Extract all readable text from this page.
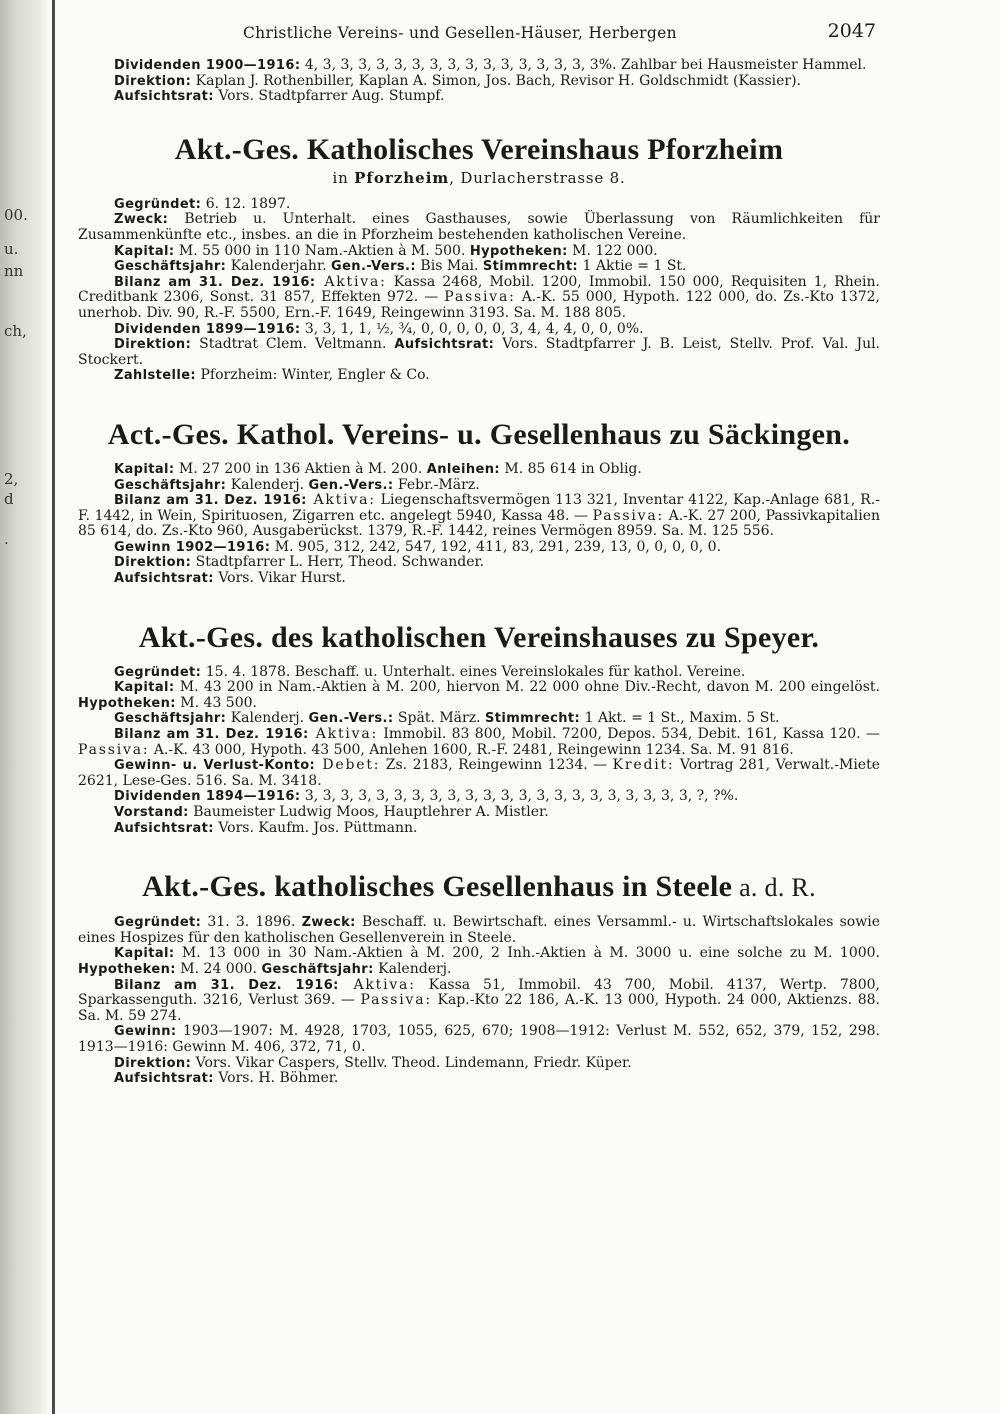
00.
u.
nn
ch,
2,
d
.
Christliche Vereins- und Gesellen-Häuser, Herbergen	2047

Dividenden 1900—1916: 4, 3, 3, 3, 3, 3, 3, 3, 3, 3, 3, 3, 3, 3, 3, 3, 3%. Zahlbar bei Hausmeister Hammel.

Direktion: Kaplan J. Rothenbiller, Kaplan A. Simon, Jos. Bach, Revisor H. Goldschmidt (Kassier).

Aufsichtsrat: Vors. Stadtpfarrer Aug. Stumpf.

Akt.-Ges. Katholisches Vereinshaus Pforzheim

in Pforzheim, Durlacherstrasse 8.

Gegründet: 6. 12. 1897.

Zweck: Betrieb u. Unterhalt. eines Gasthauses, sowie Überlassung von Räumlichkeiten für Zusammenkünfte etc., insbes. an die in Pforzheim bestehenden katholischen Vereine.

Kapital: M. 55 000 in 110 Nam.-Aktien à M. 500. Hypotheken: M. 122 000.

Geschäftsjahr: Kalenderjahr. Gen.-Vers.: Bis Mai. Stimmrecht: 1 Aktie = 1 St.

Bilanz am 31. Dez. 1916: Aktiva: Kassa 2468, Mobil. 1200, Immobil. 150 000, Requisiten 1, Rhein. Creditbank 2306, Sonst. 31 857, Effekten 972. — Passiva: A.-K. 55 000, Hypoth. 122 000, do. Zs.-Kto 1372, unerhob. Div. 90, R.-F. 5500, Ern.-F. 1649, Reingewinn 3193. Sa. M. 188 805.

Dividenden 1899—1916: 3, 3, 1, 1, ½, ¾, 0, 0, 0, 0, 0, 3, 4, 4, 4, 0, 0, 0%.

Direktion: Stadtrat Clem. Veltmann. Aufsichtsrat: Vors. Stadtpfarrer J. B. Leist, Stellv. Prof. Val. Jul. Stockert.

Zahlstelle: Pforzheim: Winter, Engler & Co.

Act.-Ges. Kathol. Vereins- u. Gesellenhaus zu Säckingen.

Kapital: M. 27 200 in 136 Aktien à M. 200. Anleihen: M. 85 614 in Oblig.

Geschäftsjahr: Kalenderj. Gen.-Vers.: Febr.-März.

Bilanz am 31. Dez. 1916: Aktiva: Liegenschaftsvermögen 113 321, Inventar 4122, Kap.-Anlage 681, R.-F. 1442, in Wein, Spirituosen, Zigarren etc. angelegt 5940, Kassa 48. — Passiva: A.-K. 27 200, Passivkapitalien 85 614, do. Zs.-Kto 960, Ausgaberückst. 1379, R.-F. 1442, reines Vermögen 8959. Sa. M. 125 556.

Gewinn 1902—1916: M. 905, 312, 242, 547, 192, 411, 83, 291, 239, 13, 0, 0, 0, 0, 0.

Direktion: Stadtpfarrer L. Herr, Theod. Schwander.

Aufsichtsrat: Vors. Vikar Hurst.

Akt.-Ges. des katholischen Vereinshauses zu Speyer.

Gegründet: 15. 4. 1878. Beschaff. u. Unterhalt. eines Vereinslokales für kathol. Vereine.

Kapital: M. 43 200 in Nam.-Aktien à M. 200, hiervon M. 22 000 ohne Div.-Recht, davon M. 200 eingelöst. Hypotheken: M. 43 500.

Geschäftsjahr: Kalenderj. Gen.-Vers.: Spät. März. Stimmrecht: 1 Akt. = 1 St., Maxim. 5 St.

Bilanz am 31. Dez. 1916: Aktiva: Immobil. 83 800, Mobil. 7200, Depos. 534, Debit. 161, Kassa 120. — Passiva: A.-K. 43 000, Hypoth. 43 500, Anlehen 1600, R.-F. 2481, Reingewinn 1234. Sa. M. 91 816.

Gewinn- u. Verlust-Konto: Debet: Zs. 2183, Reingewinn 1234. — Kredit: Vortrag 281, Verwalt.-Miete 2621, Lese-Ges. 516. Sa. M. 3418.

Dividenden 1894—1916: 3, 3, 3, 3, 3, 3, 3, 3, 3, 3, 3, 3, 3, 3, 3, 3, 3, 3, 3, 3, 3, 3, ?, ?%.

Vorstand: Baumeister Ludwig Moos, Hauptlehrer A. Mistler.

Aufsichtsrat: Vors. Kaufm. Jos. Püttmann.

Akt.-Ges. katholisches Gesellenhaus in Steele a. d. R.

Gegründet: 31. 3. 1896. Zweck: Beschaff. u. Bewirtschaft. eines Versamml.- u. Wirtschaftslokales sowie eines Hospizes für den katholischen Gesellenverein in Steele.

Kapital: M. 13 000 in 30 Nam.-Aktien à M. 200, 2 Inh.-Aktien à M. 3000 u. eine solche zu M. 1000. Hypotheken: M. 24 000. Geschäftsjahr: Kalenderj.

Bilanz am 31. Dez. 1916: Aktiva: Kassa 51, Immobil. 43 700, Mobil. 4137, Wertp. 7800, Sparkassenguth. 3216, Verlust 369. — Passiva: Kap.-Kto 22 186, A.-K. 13 000, Hypoth. 24 000, Aktienzs. 88. Sa. M. 59 274.

Gewinn: 1903—1907: M. 4928, 1703, 1055, 625, 670; 1908—1912: Verlust M. 552, 652, 379, 152, 298. 1913—1916: Gewinn M. 406, 372, 71, 0.

Direktion: Vors. Vikar Caspers, Stellv. Theod. Lindemann, Friedr. Küper.

Aufsichtsrat: Vors. H. Böhmer.
